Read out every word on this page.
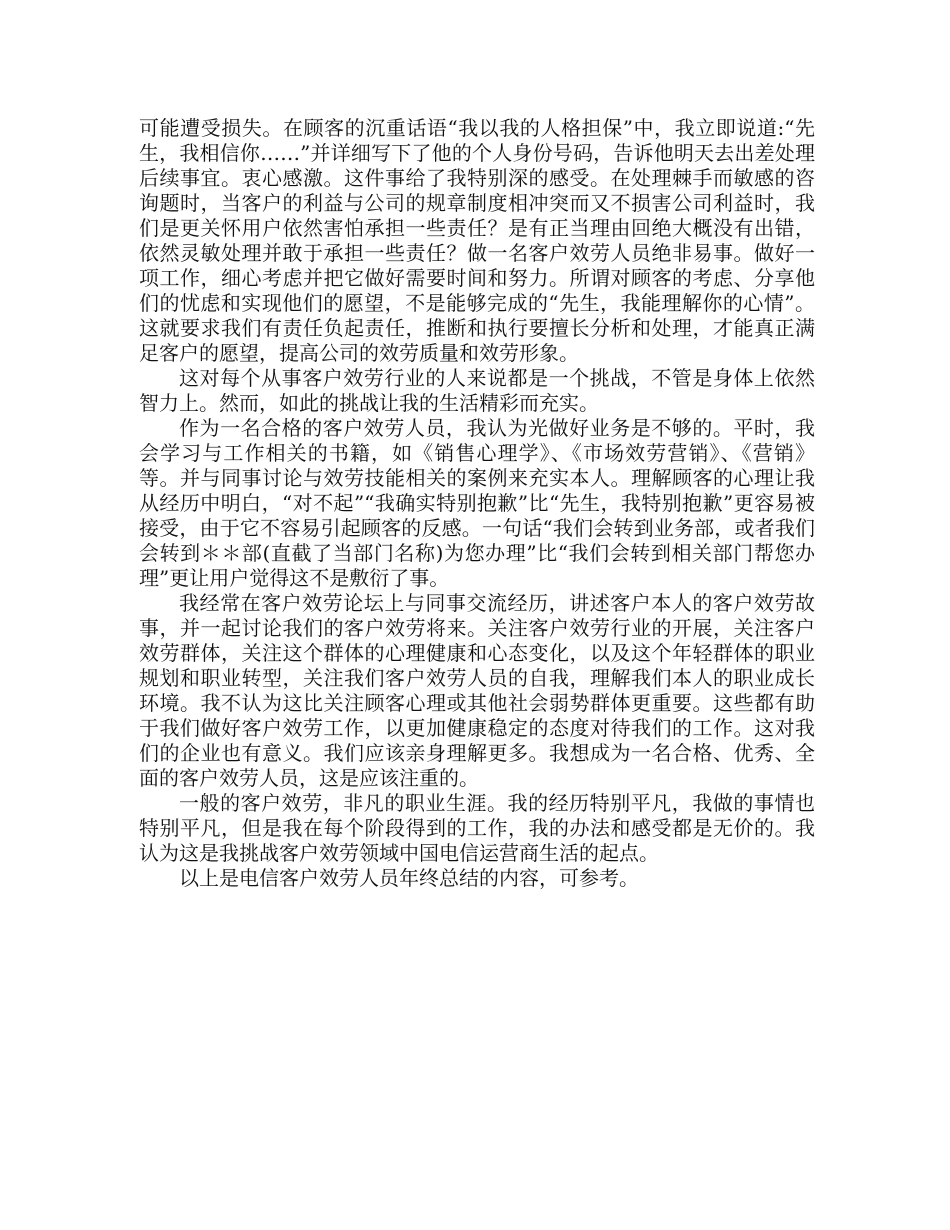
可能遭受损失。在顾客的沉重话语“我以我的人格担保”中，我立即说道:“先生，我相信你……”并详细写下了他的个人身份号码，告诉他明天去出差处理后续事宜。衷心感激。这件事给了我特别深的感受。在处理棘手而敏感的咨询题时，当客户的利益与公司的规章制度相冲突而又不损害公司利益时，我们是更关怀用户依然害怕承担一些责任？是有正当理由回绝大概没有出错，依然灵敏处理并敢于承担一些责任？做一名客户效劳人员绝非易事。做好一项工作，细心考虑并把它做好需要时间和努力。所谓对顾客的考虑、分享他们的忧虑和实现他们的愿望，不是能够完成的“先生，我能理解你的心情”。这就要求我们有责任负起责任，推断和执行要擅长分析和处理，才能真正满足客户的愿望，提高公司的效劳质量和效劳形象。

这对每个从事客户效劳行业的人来说都是一个挑战，不管是身体上依然智力上。然而，如此的挑战让我的生活精彩而充实。

作为一名合格的客户效劳人员，我认为光做好业务是不够的。平时，我会学习与工作相关的书籍，如《销售心理学》、《市场效劳营销》、《营销》等。并与同事讨论与效劳技能相关的案例来充实本人。理解顾客的心理让我从经历中明白，“对不起”“我确实特别抱歉”比“先生，我特别抱歉”更容易被接受，由于它不容易引起顾客的反感。一句话“我们会转到业务部，或者我们会转到＊＊部(直截了当部门名称)为您办理”比“我们会转到相关部门帮您办理”更让用户觉得这不是敷衍了事。

我经常在客户效劳论坛上与同事交流经历，讲述客户本人的客户效劳故事，并一起讨论我们的客户效劳将来。关注客户效劳行业的开展，关注客户效劳群体，关注这个群体的心理健康和心态变化，以及这个年轻群体的职业规划和职业转型，关注我们客户效劳人员的自我，理解我们本人的职业成长环境。我不认为这比关注顾客心理或其他社会弱势群体更重要。这些都有助于我们做好客户效劳工作，以更加健康稳定的态度对待我们的工作。这对我们的企业也有意义。我们应该亲身理解更多。我想成为一名合格、优秀、全面的客户效劳人员，这是应该注重的。

一般的客户效劳，非凡的职业生涯。我的经历特别平凡，我做的事情也特别平凡，但是我在每个阶段得到的工作，我的办法和感受都是无价的。我认为这是我挑战客户效劳领域中国电信运营商生活的起点。

以上是电信客户效劳人员年终总结的内容，可参考。
